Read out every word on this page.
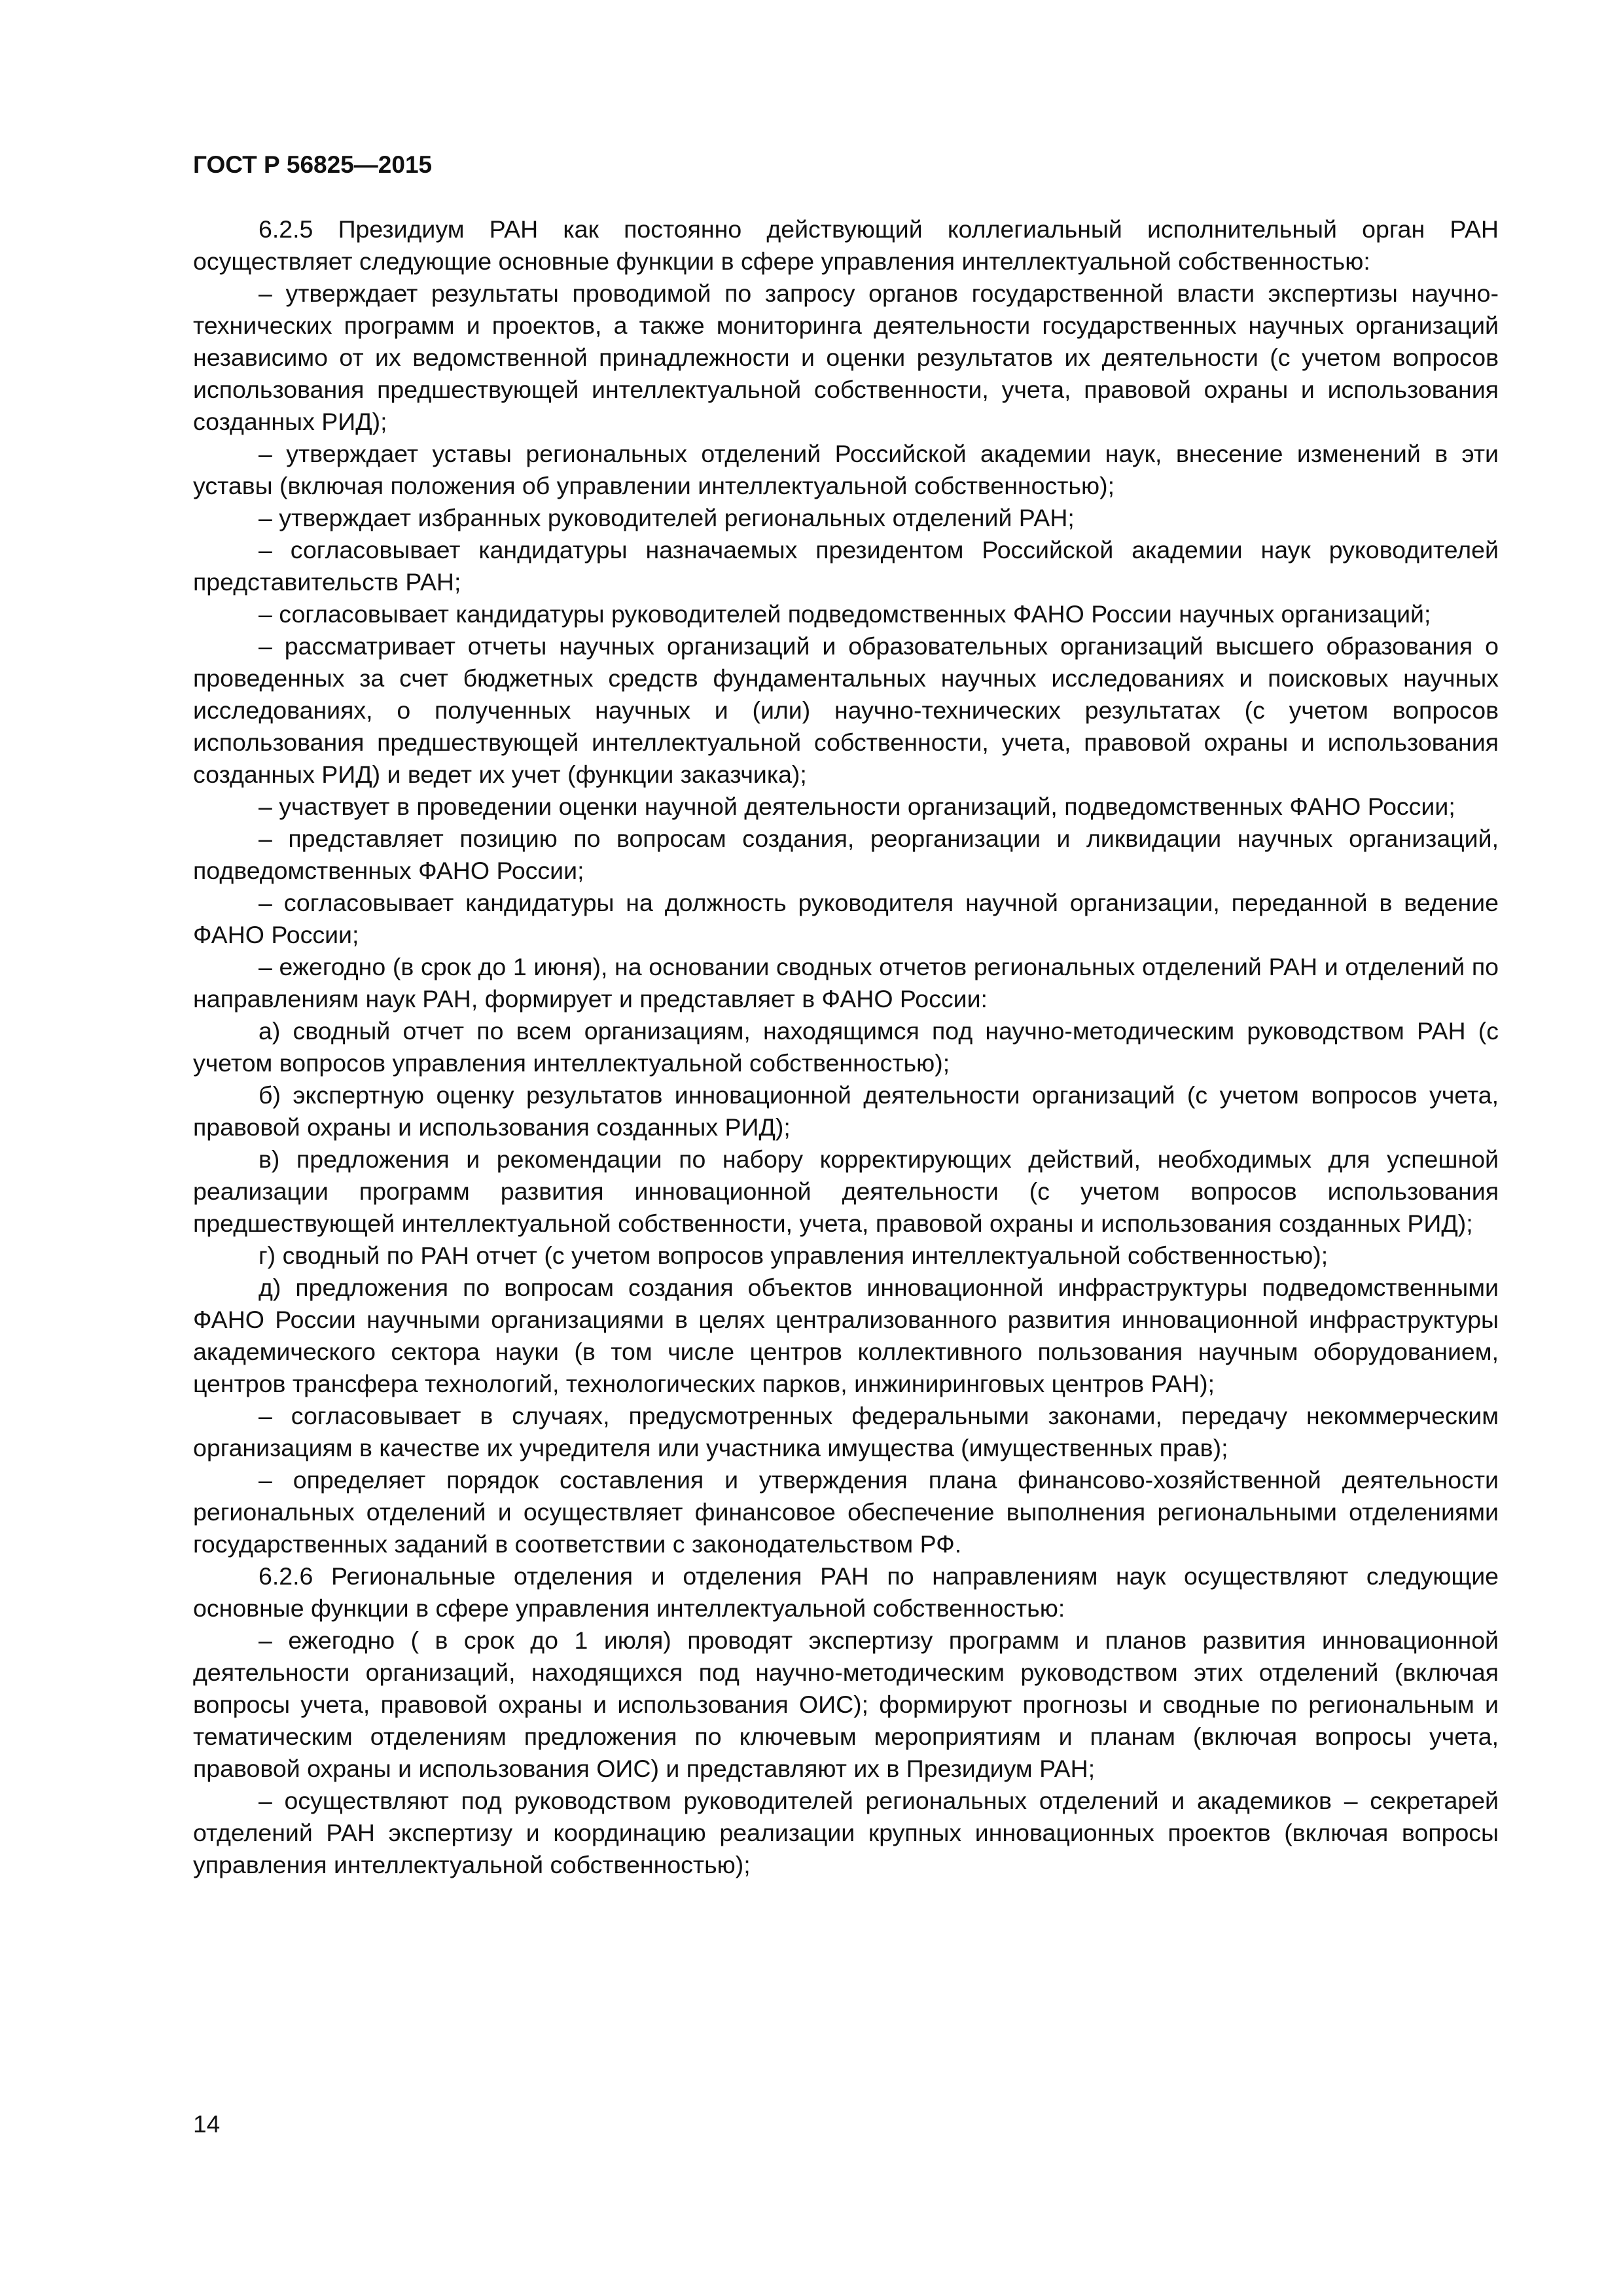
ГОСТ Р 56825—2015

6.2.5 Президиум РАН как постоянно действующий коллегиальный исполнительный орган РАН осуществляет следующие основные функции в сфере управления интеллектуальной собственностью:

– утверждает результаты проводимой по запросу органов государственной власти экспертизы научно-технических программ и проектов, а также мониторинга деятельности государственных научных организаций независимо от их ведомственной принадлежности и оценки результатов их деятельности (с учетом вопросов использования предшествующей интеллектуальной собственности, учета, правовой охраны и использования созданных РИД);

– утверждает уставы региональных отделений Российской академии наук, внесение изменений в эти уставы (включая положения об управлении интеллектуальной собственностью);

– утверждает избранных руководителей региональных отделений РАН;

– согласовывает кандидатуры назначаемых президентом Российской академии наук руководителей представительств РАН;

– согласовывает кандидатуры руководителей подведомственных ФАНО России научных организаций;

– рассматривает отчеты научных организаций и образовательных организаций высшего образования о проведенных за счет бюджетных средств фундаментальных научных исследованиях и поисковых научных исследованиях, о полученных научных и (или) научно-технических результатах (с учетом вопросов использования предшествующей интеллектуальной собственности, учета, правовой охраны и использования созданных РИД) и ведет их учет (функции заказчика);

– участвует в проведении оценки научной деятельности организаций, подведомственных ФАНО России;

– представляет позицию по вопросам создания, реорганизации и ликвидации научных организаций, подведомственных ФАНО России;

– согласовывает кандидатуры на должность руководителя научной организации, переданной в ведение ФАНО России;

– ежегодно (в срок до 1 июня), на основании сводных отчетов региональных отделений РАН и отделений по направлениям наук РАН, формирует и представляет в ФАНО России:

а) сводный отчет по всем организациям, находящимся под научно-методическим руководством РАН (с учетом вопросов управления интеллектуальной собственностью);

б) экспертную оценку результатов инновационной деятельности организаций (с учетом вопросов учета, правовой охраны и использования созданных РИД);

в) предложения и рекомендации по набору корректирующих действий, необходимых для успешной реализации программ развития инновационной деятельности (с учетом вопросов использования предшествующей интеллектуальной собственности, учета, правовой охраны и использования созданных РИД);

г) сводный по РАН отчет (с учетом вопросов управления интеллектуальной собственностью);

д) предложения по вопросам создания объектов инновационной инфраструктуры подведомственными ФАНО России научными организациями в целях централизованного развития инновационной инфраструктуры академического сектора науки (в том числе центров коллективного пользования научным оборудованием, центров трансфера технологий, технологических парков, инжиниринговых центров РАН);

– согласовывает в случаях, предусмотренных федеральными законами, передачу некоммерческим организациям в качестве их учредителя или участника имущества (имущественных прав);

– определяет порядок составления и утверждения плана финансово-хозяйственной деятельности региональных отделений и осуществляет финансовое обеспечение выполнения региональными отделениями государственных заданий в соответствии с законодательством РФ.

6.2.6 Региональные отделения и отделения РАН по направлениям наук осуществляют следующие основные функции в сфере управления интеллектуальной собственностью:

– ежегодно ( в срок до 1 июля) проводят экспертизу программ и планов развития инновационной деятельности организаций, находящихся под научно-методическим руководством этих отделений (включая вопросы учета, правовой охраны и использования ОИС); формируют прогнозы и сводные по региональным и тематическим отделениям предложения по ключевым мероприятиям и планам (включая вопросы учета, правовой охраны и использования ОИС) и представляют их в Президиум РАН;

– осуществляют под руководством руководителей региональных отделений и академиков – секретарей отделений РАН экспертизу и координацию реализации крупных инновационных проектов (включая вопросы управления интеллектуальной собственностью);

14
